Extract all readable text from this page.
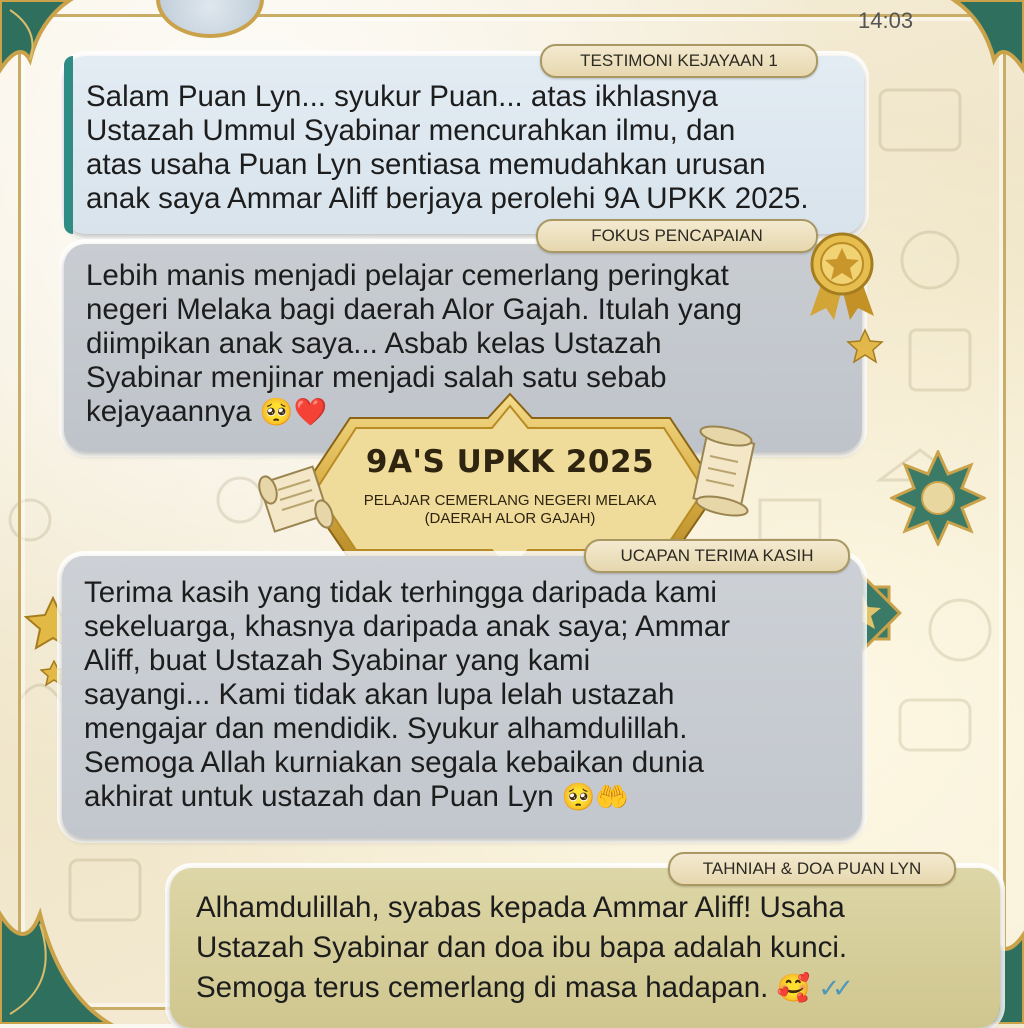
14:03
Salam Puan Lyn... syukur Puan... atas ikhlasnya
Ustazah Ummul Syabinar mencurahkan ilmu, dan
atas usaha Puan Lyn sentiasa memudahkan urusan
anak saya Ammar Aliff berjaya perolehi 9A UPKK 2025.
TESTIMONI KEJAYAAN 1
Lebih manis menjadi pelajar cemerlang peringkat
negeri Melaka bagi daerah Alor Gajah. Itulah yang
diimpikan anak saya... Asbab kelas Ustazah
Syabinar menjinar menjadi salah satu sebab
kejayaannya 🥺❤️
FOKUS PENCAPAIAN
9A'S UPKK 2025
PELAJAR CEMERLANG NEGERI MELAKA
(DAERAH ALOR GAJAH)
Terima kasih yang tidak terhingga daripada kami
sekeluarga, khasnya daripada anak saya; Ammar
Aliff, buat Ustazah Syabinar yang kami
sayangi... Kami tidak akan lupa lelah ustazah
mengajar dan mendidik. Syukur alhamdulillah.
Semoga Allah kurniakan segala kebaikan dunia
akhirat untuk ustazah dan Puan Lyn 🥺🤲
UCAPAN TERIMA KASIH
Alhamdulillah, syabas kepada Ammar Aliff! Usaha
Ustazah Syabinar dan doa ibu bapa adalah kunci.
Semoga terus cemerlang di masa hadapan. 🥰 ✓✓
TAHNIAH & DOA PUAN LYN
